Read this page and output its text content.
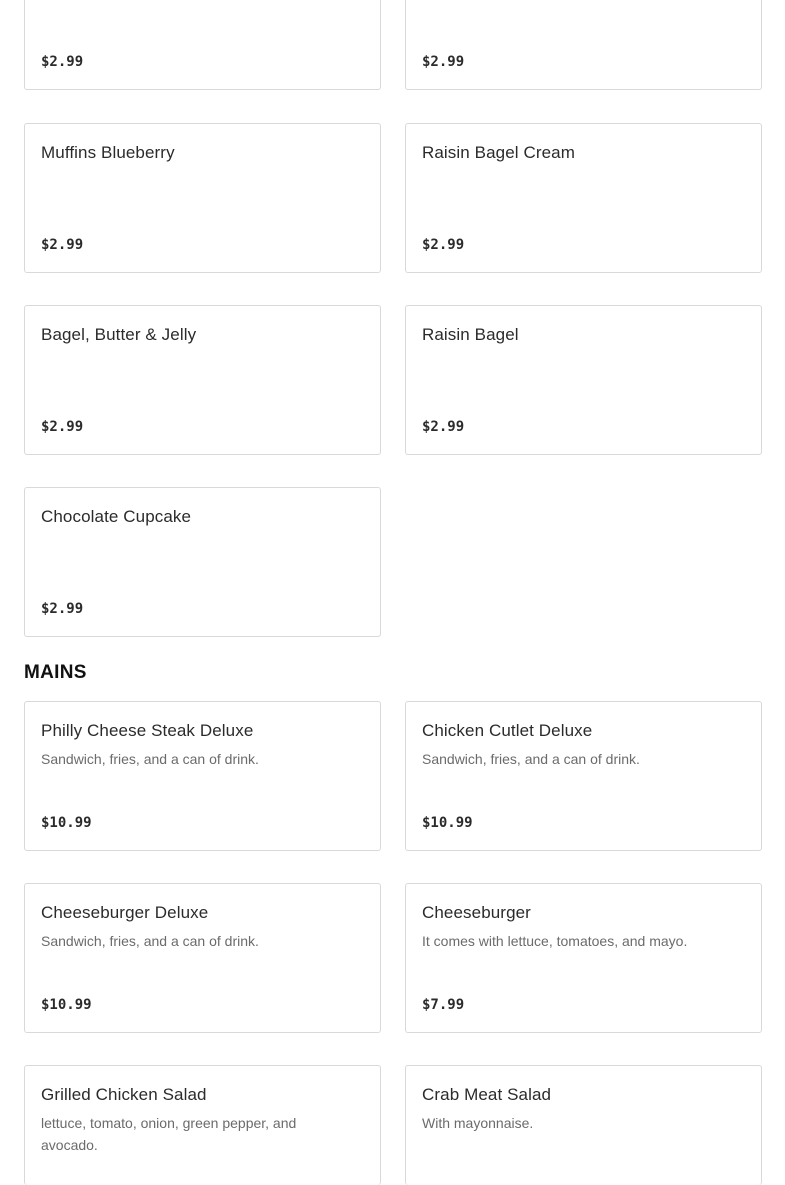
$2.99	$2.99
Muffins Blueberry
$2.99
Raisin Bagel Cream
$2.99
Bagel, Butter & Jelly
$2.99
Raisin Bagel
$2.99
Chocolate Cupcake
$2.99
MAINS
Philly Cheese Steak Deluxe
Sandwich, fries, and a can of drink.
$10.99
Chicken Cutlet Deluxe
Sandwich, fries, and a can of drink.
$10.99
Cheeseburger Deluxe
Sandwich, fries, and a can of drink.
$10.99
Cheeseburger
It comes with lettuce, tomatoes, and mayo.
$7.99
Grilled Chicken Salad
lettuce, tomato, onion, green pepper, and avocado.
Crab Meat Salad
With mayonnaise.
